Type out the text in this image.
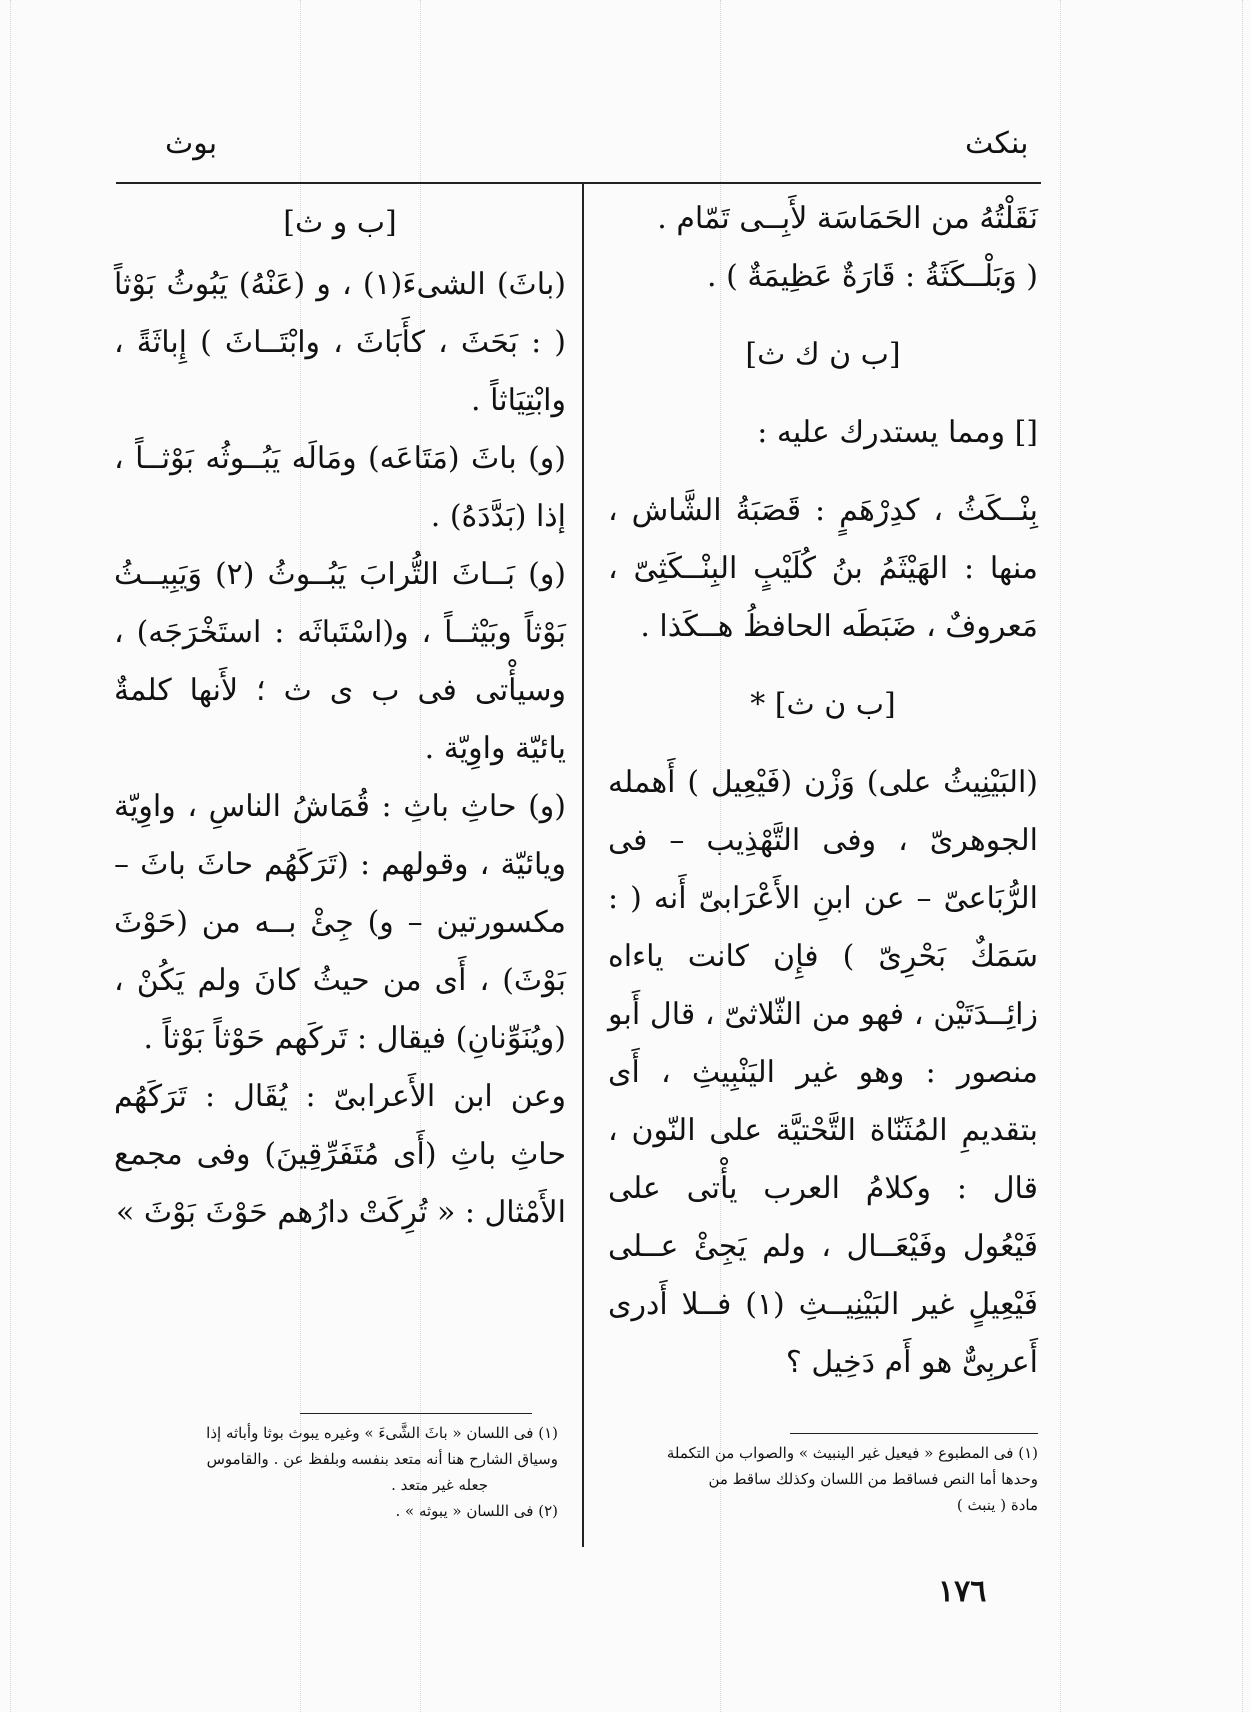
بنكث
بوث

نَقَلْتُهُ من الحَمَاسَة لأَبِــى تَمّام .

( وَبَلْــكَثَةُ : قَارَةٌ عَظِيمَةٌ ) .

[ب ن ك ث]

[] ومما يستدرك عليه :

بِنْــكَثُ ، كدِرْهَمٍ : قَصَبَةُ الشَّاش ، منها : الهَيْثَمُ بنُ كُلَيْبٍ البِنْــكَثِىّ ، مَعروفٌ ، ضَبَطَه الحافظُ هــكَذا .

[ب ن ث] *

(البَيْنِيثُ على) وَزْن (فَيْعِيل ) أَهمله الجوهرىّ ، وفى التَّهْذِيب – فى الرُّبَاعىّ – عن ابنِ الأَعْرَابىّ أَنه ( : سَمَكٌ بَحْرِىّ ) فإِن كانت ياءاه زائِــدَتَيْن ، فهو من الثّلاثىّ ، قال أَبو منصور : وهو غير اليَنْبِيثِ ، أَى بتقديمِ المُثَنّاة التَّحْتيَّة على النّون ، قال : وكلامُ العرب يأْتى على فَيْعُول وفَيْعَــال ، ولم يَجِئْ عــلى فَيْعِيلٍ غير البَيْنِيــثِ (١) فــلا أَدرى أَعربِىٌّ هو أَم دَخِيل ؟

[ب و ث]

(باثَ) الشىءَ(١) ، و (عَنْهُ) يَبُوثُ بَوْثاً ( : بَحَثَ ، كأَبَاثَ ، وابْتَــاثَ ) إِباثَةً ، وابْتِيَاثاً .

(و) باثَ (مَتَاعَه) ومَالَه يَبُــوثُه بَوْثــاً ، إذا (بَدَّدَهُ) .

(و) بَــاثَ التُّرابَ يَبُــوثُ (٢) وَيَبِيــثُ بَوْثاً وبَيْثــاً ، و(اسْتَباثَه : استَخْرَجَه) ، وسيأْتى فى ب ى ث ؛ لأَنها كلمةٌ يائيّة واوِيّة .

(و) حاثِ باثِ : قُمَاشُ الناسِ ، واوِيّة ويائيّة ، وقولهم : (تَرَكَهُم حاثَ باثَ – مكسورتين – و) جِئْ بــه من (حَوْثَ بَوْثَ) ، أَى من حيثُ كانَ ولم يَكُنْ ، (ويُنَوِّنانِ) فيقال : تَركَهم حَوْثاً بَوْثاً .

وعن ابن الأَعرابىّ : يُقَال : تَرَكَهُم حاثِ باثِ (أَى مُتَفَرِّقِينَ) وفى مجمع الأَمْثال : « تُرِكَتْ دارُهم حَوْثَ بَوْثَ »

(١) فى اللسان « باثَ الشَّىءَ » وغيره يبوث بوثا وأباثه إذا

وسياق الشارح هنا أنه متعد بنفسه وبلفظ عن . والقاموس

جعله غير متعد .

(٢) فى اللسان « يبوثه » .

(١) فى المطبوع « فيعيل غير الينبيث » والصواب من التكملة

وحدها أما النص فساقط من اللسان وكذلك ساقط من

مادة ( ينبث )

١٧٦
